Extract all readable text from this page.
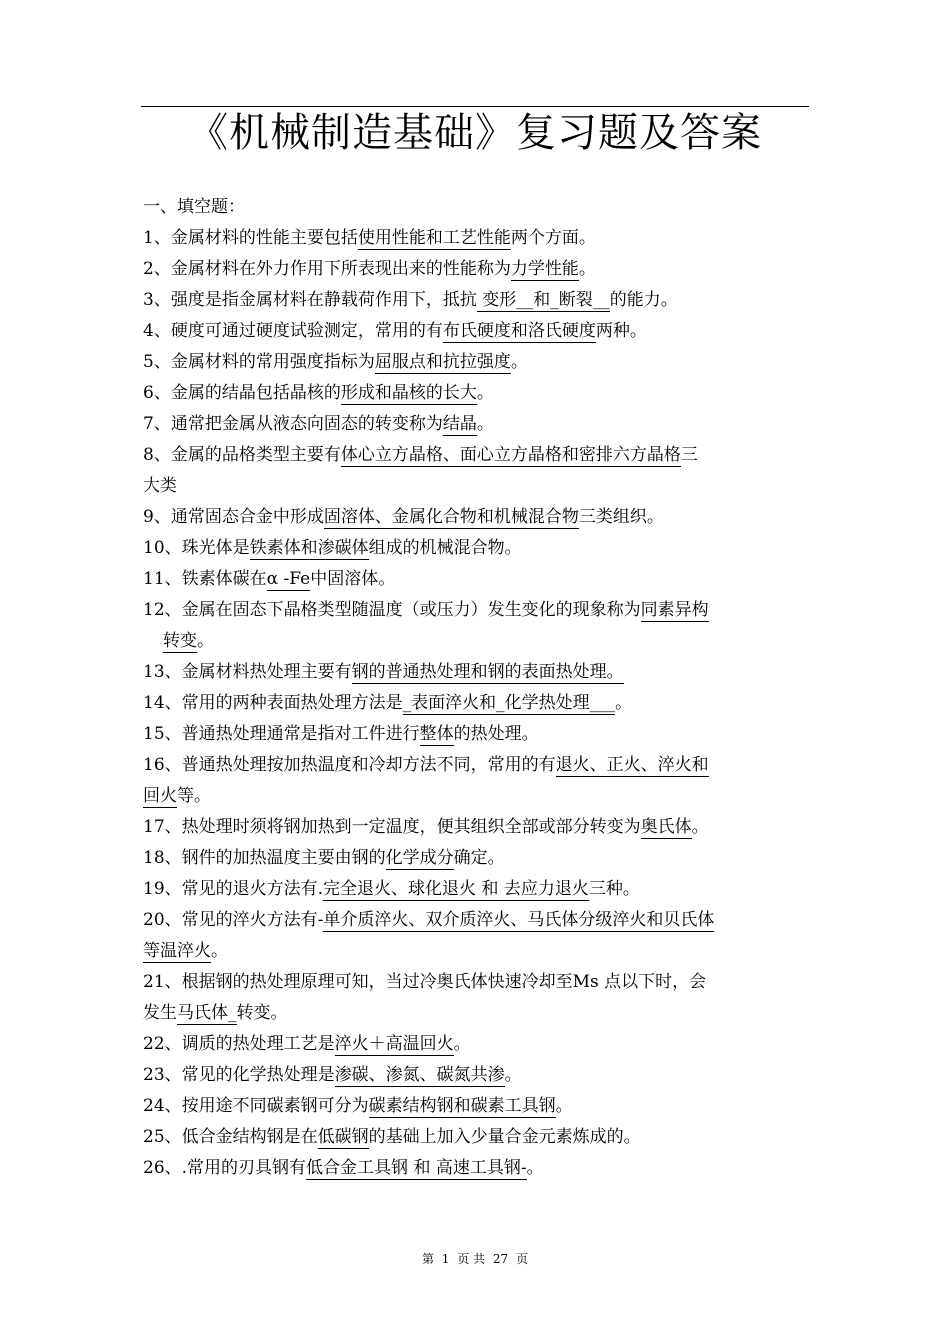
《机械制造基础》复习题及答案
一、填空题：
1、金属材料的性能主要包括使用性能和工艺性能两个方面。
2、金属材料在外力作用下所表现出来的性能称为力学性能。
3、强度是指金属材料在静载荷作用下，抵抗 变形__和_断裂__的能力。
4、硬度可通过硬度试验测定，常用的有布氏硬度和洛氏硬度两种。
5、金属材料的常用强度指标为屈服点和抗拉强度。
6、金属的结晶包括晶核的形成和晶核的长大。
7、通常把金属从液态向固态的转变称为结晶。
8、金属的品格类型主要有体心立方晶格、面心立方晶格和密排六方晶格三
大类
9、通常固态合金中形成固溶体、金属化合物和机械混合物三类组织。
10、珠光体是铁素体和渗碳体组成的机械混合物。
11、铁素体碳在α -Fe中固溶体。
12、金属在固态下晶格类型随温度（或压力）发生变化的现象称为同素异构
转变。
13、金属材料热处理主要有钢的普通热处理和钢的表面热处理。
14、常用的两种表面热处理方法是_表面淬火和_化学热处理___。
15、普通热处理通常是指对工件进行整体的热处理。
16、普通热处理按加热温度和冷却方法不同，常用的有退火、正火、淬火和
回火等。
17、热处理时须将钢加热到一定温度，便其组织全部或部分转变为奥氏体。
18、钢件的加热温度主要由钢的化学成分确定。
19、常见的退火方法有.完全退火、球化退火 和 去应力退火三种。
20、常见的淬火方法有-单介质淬火、双介质淬火、马氏体分级淬火和贝氏体
等温淬火。
21、根据钢的热处理原理可知，当过冷奥氏体快速冷却至Ms 点以下时，会
发生马氏体_转变。
22、调质的热处理工艺是淬火＋高温回火。
23、常见的化学热处理是渗碳、渗氮、碳氮共渗。
24、按用途不同碳素钢可分为碳素结构钢和碳素工具钢。
25、低合金结构钢是在低碳钢的基础上加入少量合金元素炼成的。
26、.常用的刃具钢有低合金工具钢 和 高速工具钢-。
第 1 页 共 27 页
